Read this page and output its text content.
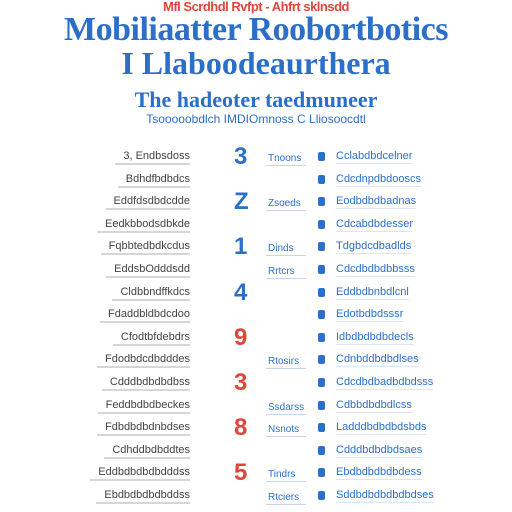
Mfl Scrdhdl Rvfpt - Ahfrt sklnsdd
Mobiliaatter Roobortbotics
I Llaboodeaurthera
The hadeoter taedmuneer
Tsooooobdlch IMDIOmnoss C Lliosoocdtl
3, Endbsdoss
Bdhdfbdbdcs
Eddfdsdbdcdde
Eedkbbodsdbkde
Fqbbtedbdkcdus
EddsbOdddsdd
Cldbbndffkdcs
Fdaddbldbdcdoo
Cfodtbfdebdrs
Fdodbdcdbdddes
Cdddbdbdbdbss
Feddbdbdbeckes
Fdbdbdbdnbdses
Cdhddbdbddtes
Eddbdbdbdbdddss
Ebdbdbdbdbddss
3 Tnoons
Z Zsoeds
1 Dinds
Rrtcrs
4
9
Rtosirs
3
Ssdarss
8 Nsnots
5 Tindrs
Rtciers
Cclabdbdcelner
Cdcdnpdbdooscs
Eodbdbdbadnas
Cdcabdbdesser
Tdgbdcdbadlds
Cdcdbdbdbbsss
Eddbdbnbdlcnl
Edotbdbdsssr
Idbdbdbdbdecls
Cdnbddbdbdlses
Cdcdbdbadbdbdsss
Cdbbdbdbdlcss
Ladddbdbdbdsbds
Cdddbdbdbdsaes
Ebdbdbdbdbdess
Sddbdbdbdbdbdses
